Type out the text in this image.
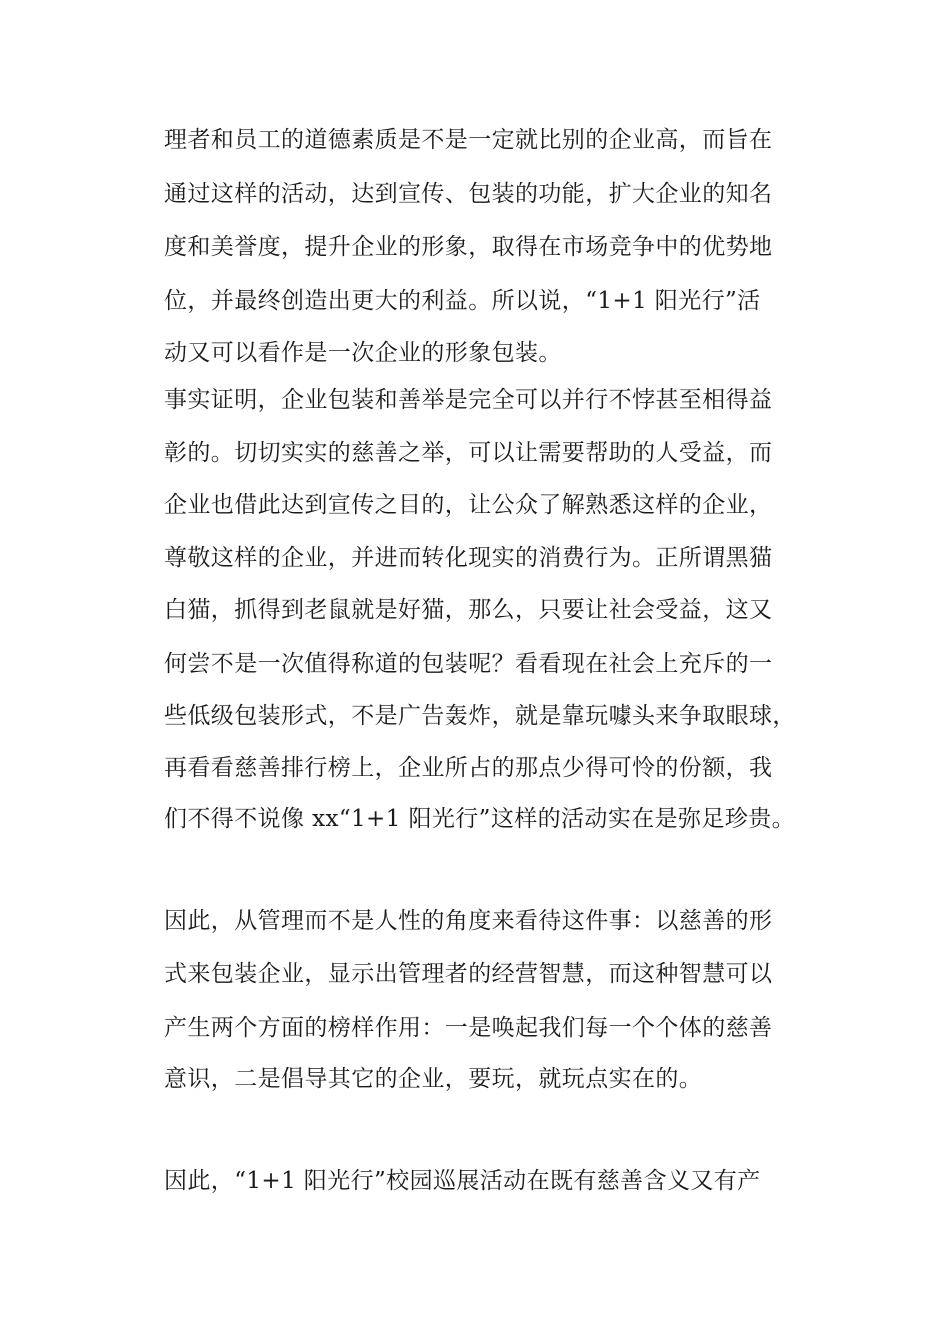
理者和员工的道德素质是不是一定就比别的企业高，而旨在
通过这样的活动，达到宣传、包装的功能，扩大企业的知名
度和美誉度，提升企业的形象，取得在市场竞争中的优势地
位，并最终创造出更大的利益。所以说，“1+1 阳光行”活
动又可以看作是一次企业的形象包装。
事实证明，企业包装和善举是完全可以并行不悖甚至相得益
彰的。切切实实的慈善之举，可以让需要帮助的人受益，而
企业也借此达到宣传之目的，让公众了解熟悉这样的企业，
尊敬这样的企业，并进而转化现实的消费行为。正所谓黑猫
白猫，抓得到老鼠就是好猫，那么，只要让社会受益，这又
何尝不是一次值得称道的包装呢？看看现在社会上充斥的一
些低级包装形式，不是广告轰炸，就是靠玩噱头来争取眼球，
再看看慈善排行榜上，企业所占的那点少得可怜的份额，我
们不得不说像 xx“1+1 阳光行”这样的活动实在是弥足珍贵。
因此，从管理而不是人性的角度来看待这件事：以慈善的形
式来包装企业，显示出管理者的经营智慧，而这种智慧可以
产生两个方面的榜样作用：一是唤起我们每一个个体的慈善
意识，二是倡导其它的企业，要玩，就玩点实在的。
因此，“1+1 阳光行”校园巡展活动在既有慈善含义又有产
